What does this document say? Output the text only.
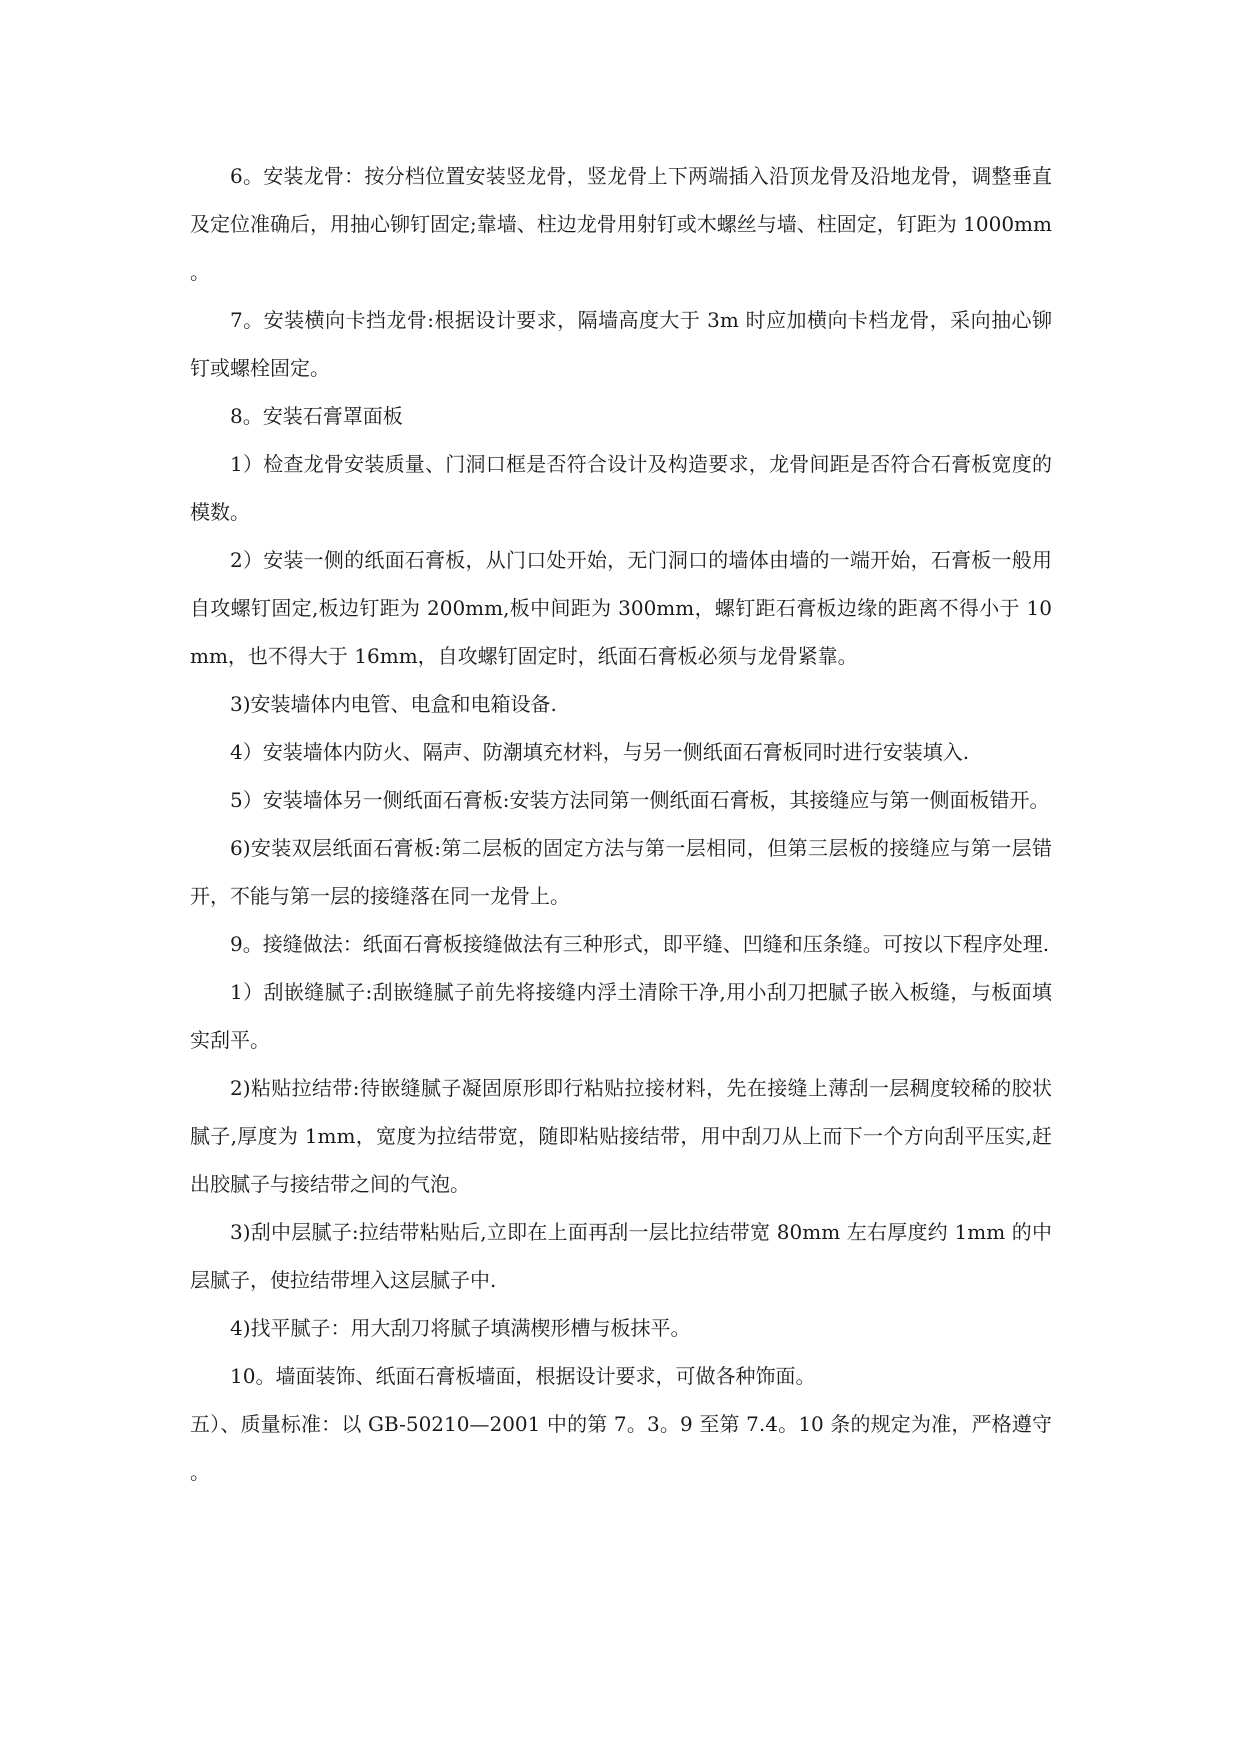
6。安装龙骨：按分档位置安装竖龙骨，竖龙骨上下两端插入沿顶龙骨及沿地龙骨，调整垂直及定位准确后，用抽心铆钉固定;靠墙、柱边龙骨用射钉或木螺丝与墙、柱固定，钉距为 1000mm。

7。安装横向卡挡龙骨:根据设计要求，隔墙高度大于 3m 时应加横向卡档龙骨，采向抽心铆钉或螺栓固定。

8。安装石膏罩面板

1）检查龙骨安装质量、门洞口框是否符合设计及构造要求，龙骨间距是否符合石膏板宽度的模数。

2）安装一侧的纸面石膏板，从门口处开始，无门洞口的墙体由墙的一端开始，石膏板一般用自攻螺钉固定,板边钉距为 200mm,板中间距为 300mm，螺钉距石膏板边缘的距离不得小于 10mm，也不得大于 16mm，自攻螺钉固定时，纸面石膏板必须与龙骨紧靠。

3)安装墙体内电管、电盒和电箱设备.

4）安装墙体内防火、隔声、防潮填充材料，与另一侧纸面石膏板同时进行安装填入.

5）安装墙体另一侧纸面石膏板:安装方法同第一侧纸面石膏板，其接缝应与第一侧面板错开。

6)安装双层纸面石膏板:第二层板的固定方法与第一层相同，但第三层板的接缝应与第一层错开，不能与第一层的接缝落在同一龙骨上。

9。接缝做法：纸面石膏板接缝做法有三种形式，即平缝、凹缝和压条缝。可按以下程序处理.

1）刮嵌缝腻子:刮嵌缝腻子前先将接缝内浮土清除干净,用小刮刀把腻子嵌入板缝，与板面填实刮平。

2)粘贴拉结带:待嵌缝腻子凝固原形即行粘贴拉接材料，先在接缝上薄刮一层稠度较稀的胶状腻子,厚度为 1mm，宽度为拉结带宽，随即粘贴接结带，用中刮刀从上而下一个方向刮平压实,赶出胶腻子与接结带之间的气泡。

3)刮中层腻子:拉结带粘贴后,立即在上面再刮一层比拉结带宽 80mm 左右厚度约 1mm 的中层腻子，使拉结带埋入这层腻子中.

4)找平腻子：用大刮刀将腻子填满楔形槽与板抹平。

10。墙面装饰、纸面石膏板墙面，根据设计要求，可做各种饰面。

五）、质量标准：以 GB-50210—2001 中的第 7。3。9 至第 7.4。10 条的规定为准，严格遵守。
